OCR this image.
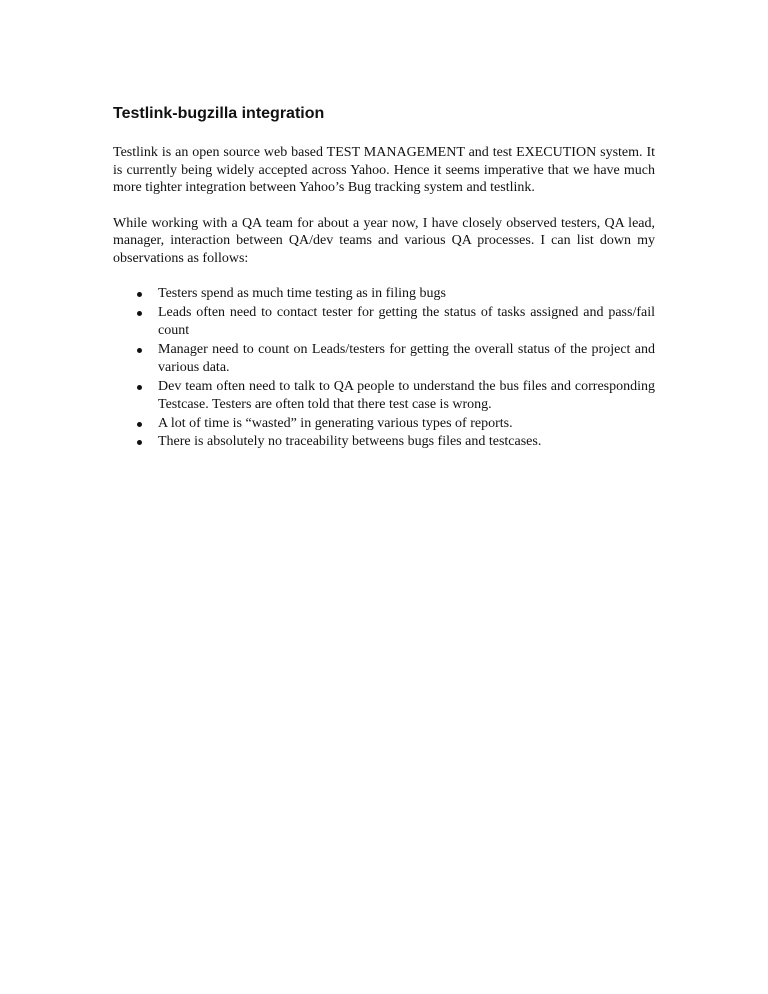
Testlink-bugzilla integration

Testlink is an open source web based TEST MANAGEMENT and test EXECUTION system. It is currently being widely accepted across Yahoo. Hence it seems imperative that we have much more tighter integration between Yahoo’s Bug tracking system and testlink.

While working with a QA team for about a year now, I have closely observed testers, QA lead, manager, interaction between QA/dev teams and various QA processes. I can list down my observations as follows:

Testers spend as much time testing as in filing bugs
Leads often need to contact tester for getting the status of tasks assigned and pass/fail count
Manager need to count on Leads/testers for getting the overall status of the project and various data.
Dev team often need to talk to QA people to understand the bus files and corresponding Testcase. Testers are often told that there test case is wrong.
A lot of time is “wasted” in generating various types of reports.
There is absolutely no traceability betweens bugs files and testcases.
